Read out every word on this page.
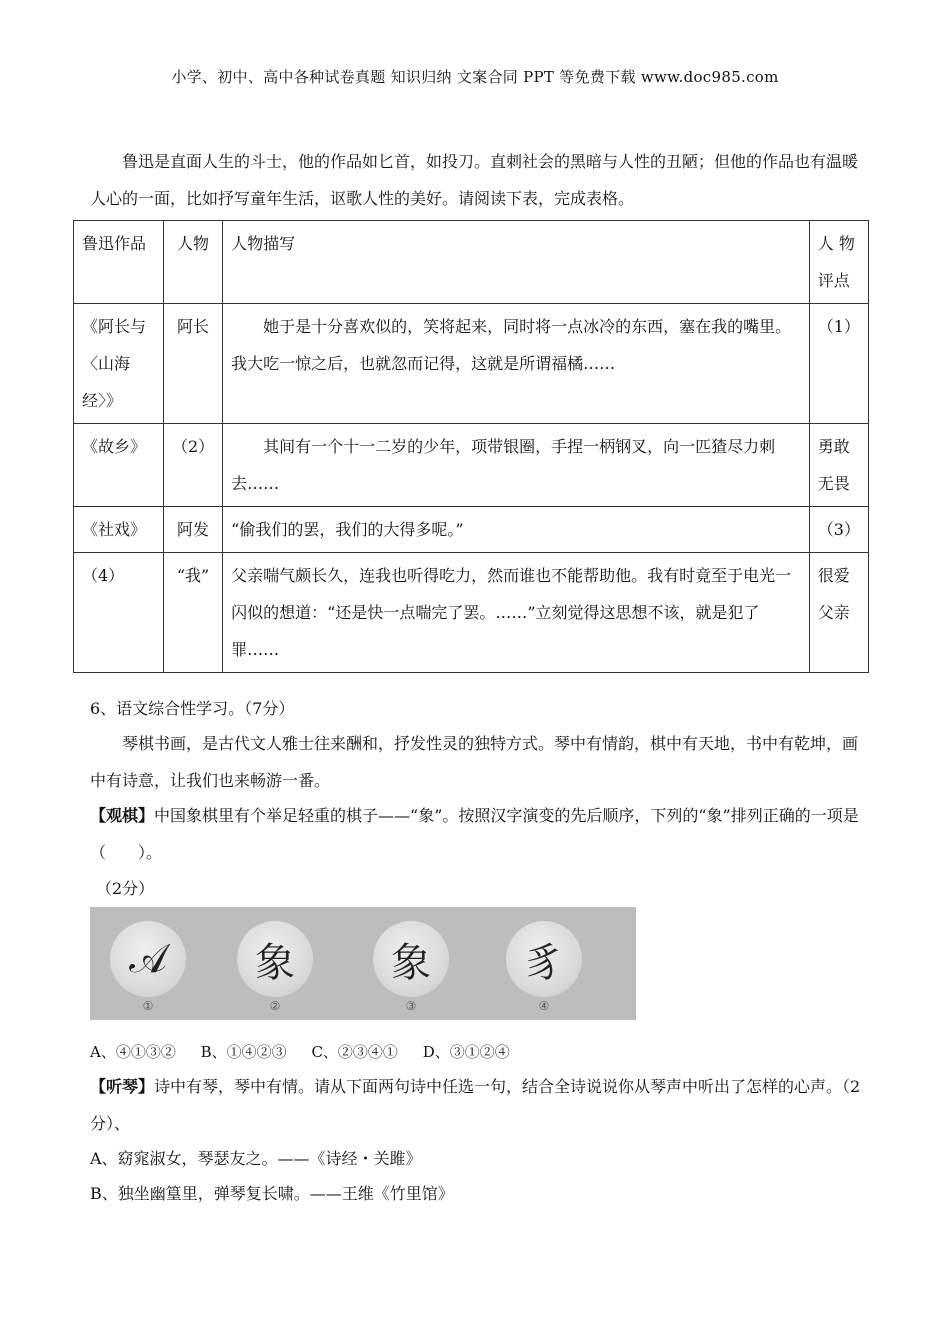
小学、初中、高中各种试卷真题 知识归纳 文案合同 PPT 等免费下载 www.doc985.com
鲁迅是直面人生的斗士，他的作品如匕首，如投刀。直刺社会的黑暗与人性的丑陋；但他的作品也有温暖人心的一面，比如抒写童年生活，讴歌人性的美好。请阅读下表，完成表格。
鲁迅作品	人物	人物描写	人 物评点
《阿长与〈山海经〉》	阿长	她于是十分喜欢似的，笑将起来，同时将一点冰冷的东西，塞在我的嘴里。我大吃一惊之后，也就忽而记得，这就是所谓福橘……	（1）
《故乡》	（2）	其间有一个十一二岁的少年，项带银圈，手捏一柄钢叉，向一匹猹尽力刺去……	勇敢无畏
《社戏》	阿发	“偷我们的罢，我们的大得多呢。”	（3）
（4）	“我”	父亲喘气颇长久，连我也听得吃力，然而谁也不能帮助他。我有时竟至于电光一闪似的想道：“还是快一点喘完了罢。……”立刻觉得这思想不该，就是犯了罪……	很爱父亲
6、语文综合性学习。（7分）
琴棋书画，是古代文人雅士往来酬和，抒发性灵的独特方式。琴中有情韵，棋中有天地，书中有乾坤，画中有诗意，让我们也来畅游一番。
【观棋】中国象棋里有个举足轻重的棋子——“象”。按照汉字演变的先后顺序，下列的“象”排列正确的一项是（　　）。
（2分）
𝒜	象	象	豸
①	②	③	④
A、④①③② B、①④②③ C、②③④① D、③①②④
【听琴】诗中有琴，琴中有情。请从下面两句诗中任选一句，结合全诗说说你从琴声中听出了怎样的心声。（2分）、
A、窈窕淑女，琴瑟友之。——《诗经・关雎》
B、独坐幽篁里，弹琴复长啸。——王维《竹里馆》
